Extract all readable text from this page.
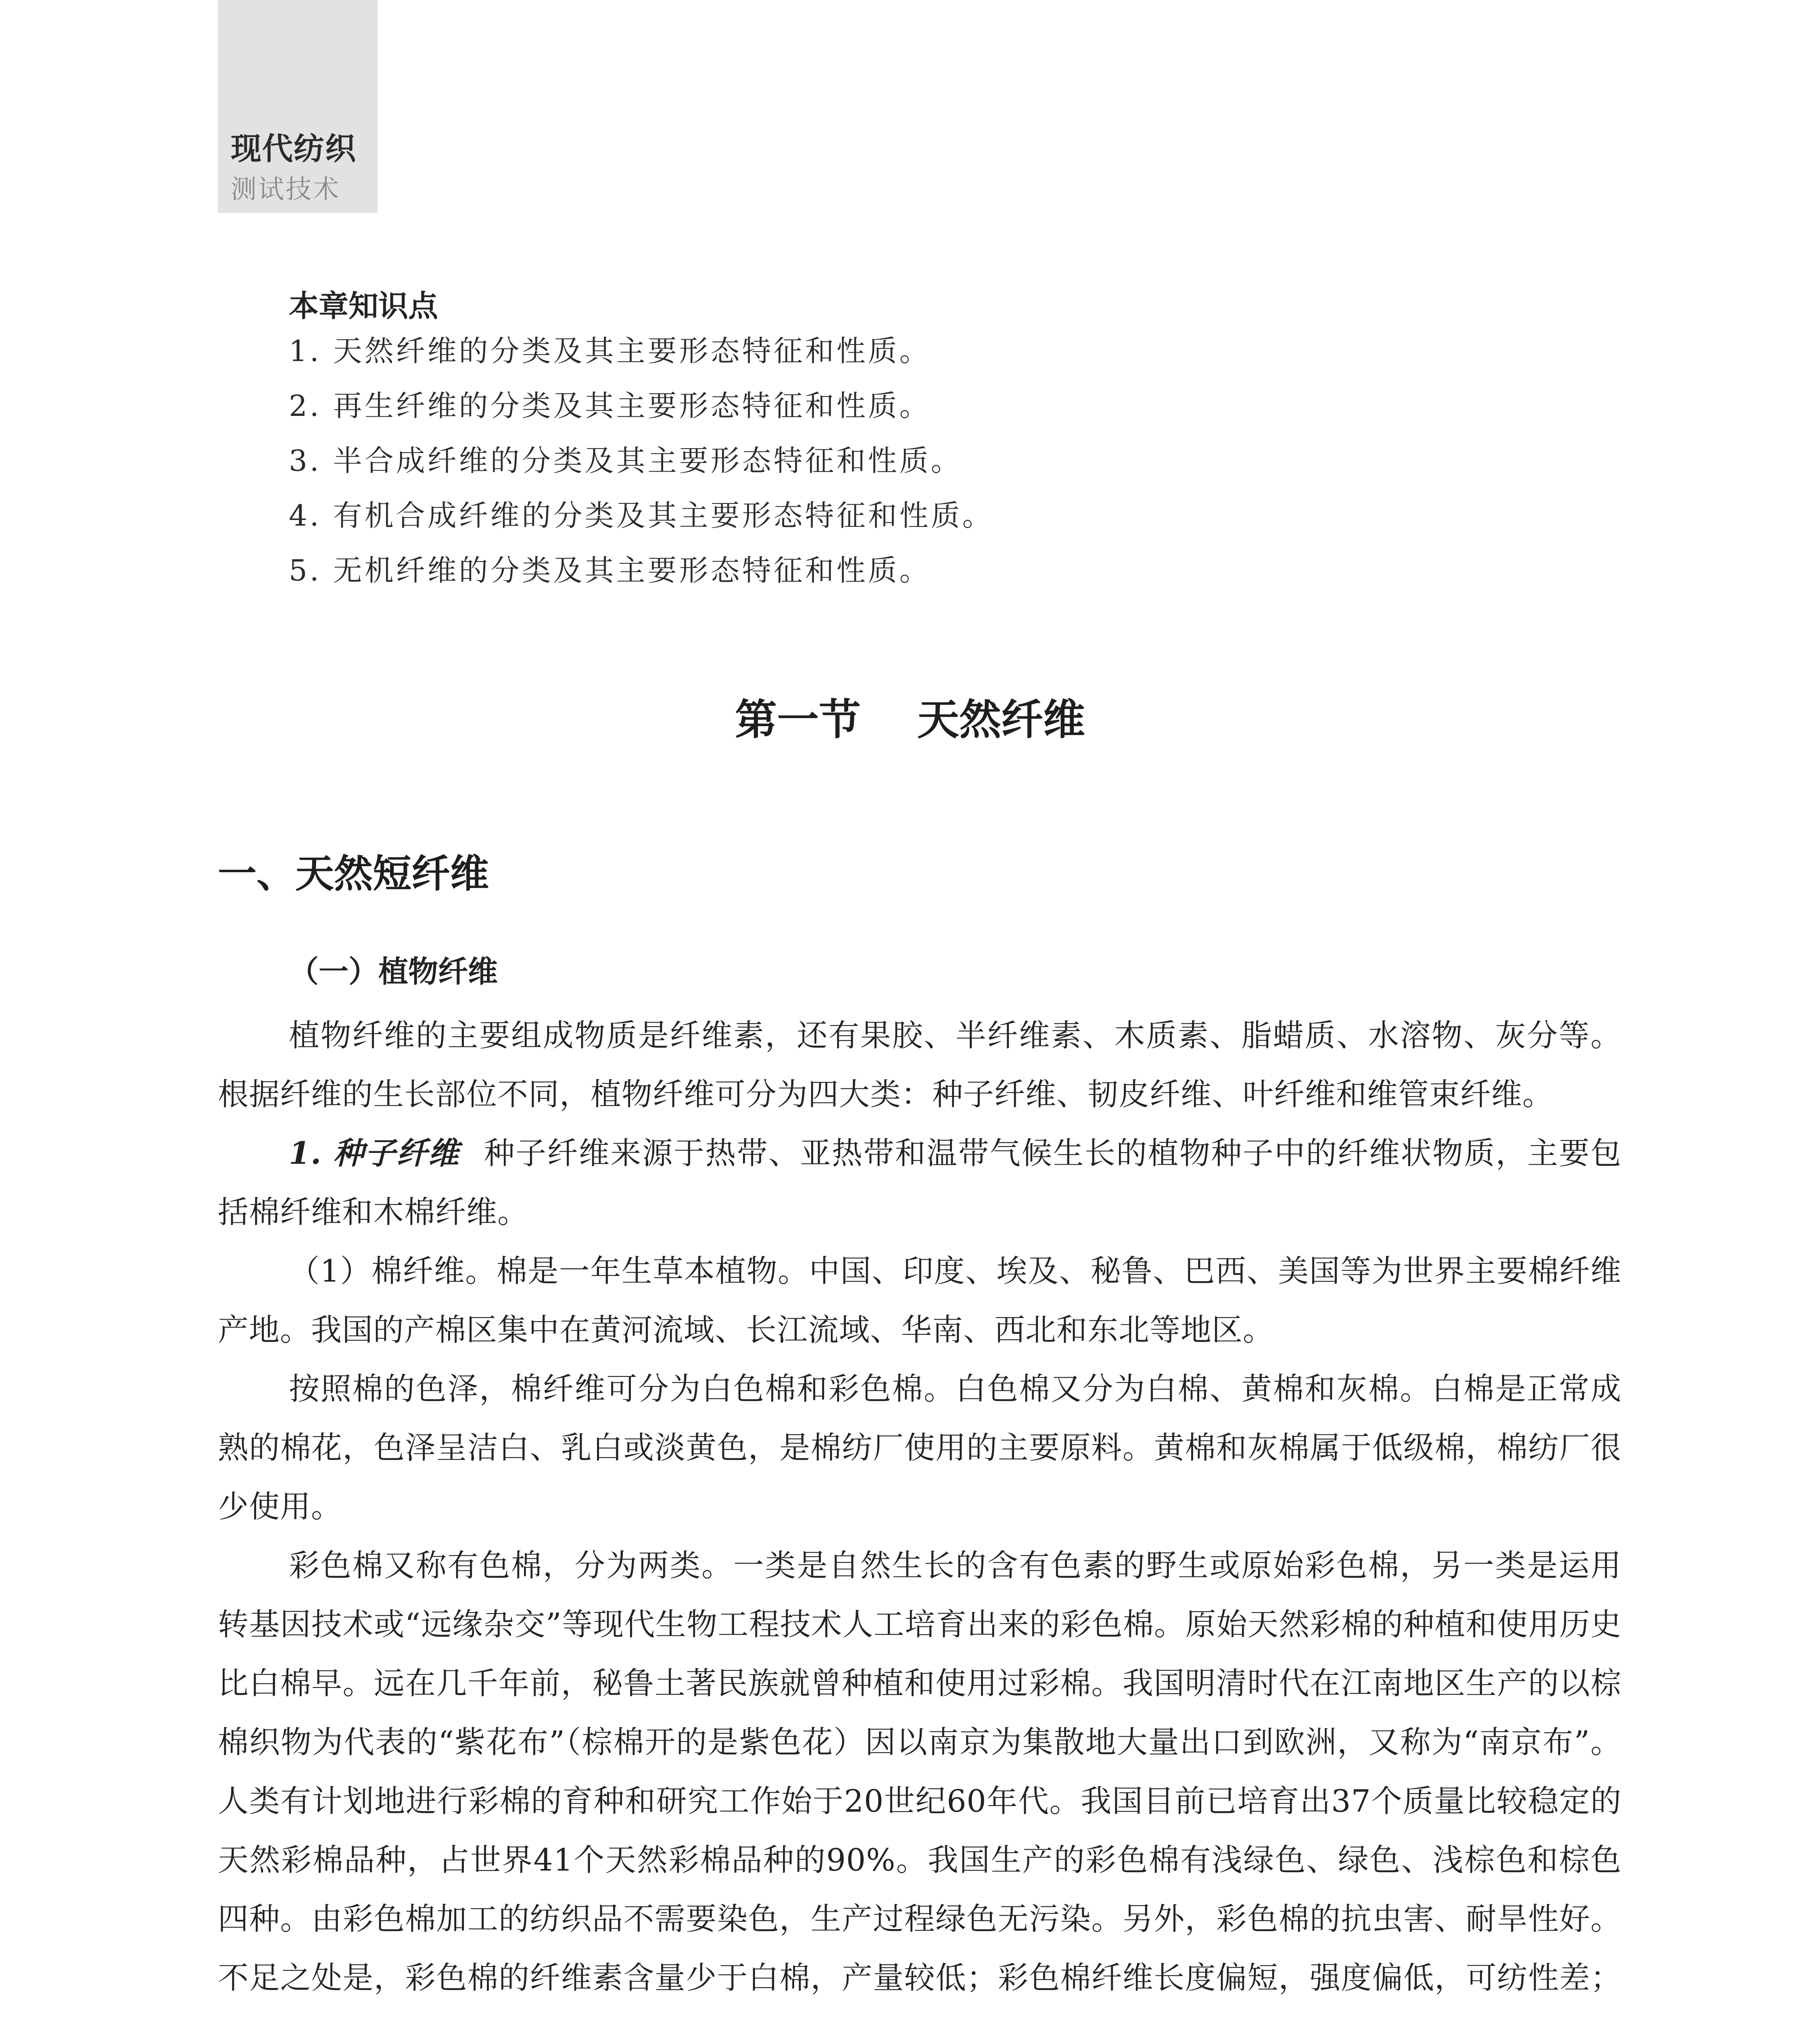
现代纺织
测试技术
本章知识点
1. 天然纤维的分类及其主要形态特征和性质。
2. 再生纤维的分类及其主要形态特征和性质。
3. 半合成纤维的分类及其主要形态特征和性质。
4. 有机合成纤维的分类及其主要形态特征和性质。
5. 无机纤维的分类及其主要形态特征和性质。
第一节 天然纤维
一、天然短纤维
（一）植物纤维

植物纤维的主要组成物质是纤维素，还有果胶、半纤维素、木质素、脂蜡质、水溶物、灰分等。根据纤维的生长部位不同，植物纤维可分为四大类：种子纤维、韧皮纤维、叶纤维和维管束纤维。

1. 种子纤维 种子纤维来源于热带、亚热带和温带气候生长的植物种子中的纤维状物质，主要包括棉纤维和木棉纤维。

（1）棉纤维。棉是一年生草本植物。中国、印度、埃及、秘鲁、巴西、美国等为世界主要棉纤维产地。我国的产棉区集中在黄河流域、长江流域、华南、西北和东北等地区。

按照棉的色泽，棉纤维可分为白色棉和彩色棉。白色棉又分为白棉、黄棉和灰棉。白棉是正常成熟的棉花，色泽呈洁白、乳白或淡黄色，是棉纺厂使用的主要原料。黄棉和灰棉属于低级棉，棉纺厂很少使用。

彩色棉又称有色棉，分为两类。一类是自然生长的含有色素的野生或原始彩色棉，另一类是运用转基因技术或“远缘杂交”等现代生物工程技术人工培育出来的彩色棉。原始天然彩棉的种植和使用历史比白棉早。远在几千年前，秘鲁土著民族就曾种植和使用过彩棉。我国明清时代在江南地区生产的以棕棉织物为代表的“紫花布”（棕棉开的是紫色花）因以南京为集散地大量出口到欧洲，又称为“南京布”。人类有计划地进行彩棉的育种和研究工作始于20世纪60年代。我国目前已培育出37个质量比较稳定的天然彩棉品种，占世界41个天然彩棉品种的90%。我国生产的彩色棉有浅绿色、绿色、浅棕色和棕色四种。由彩色棉加工的纺织品不需要染色，生产过程绿色无污染。另外，彩色棉的抗虫害、耐旱性好。不足之处是，彩色棉的纤维素含量少于白棉，产量较低；彩色棉纤维长度偏短，强度偏低，可纺性差；
